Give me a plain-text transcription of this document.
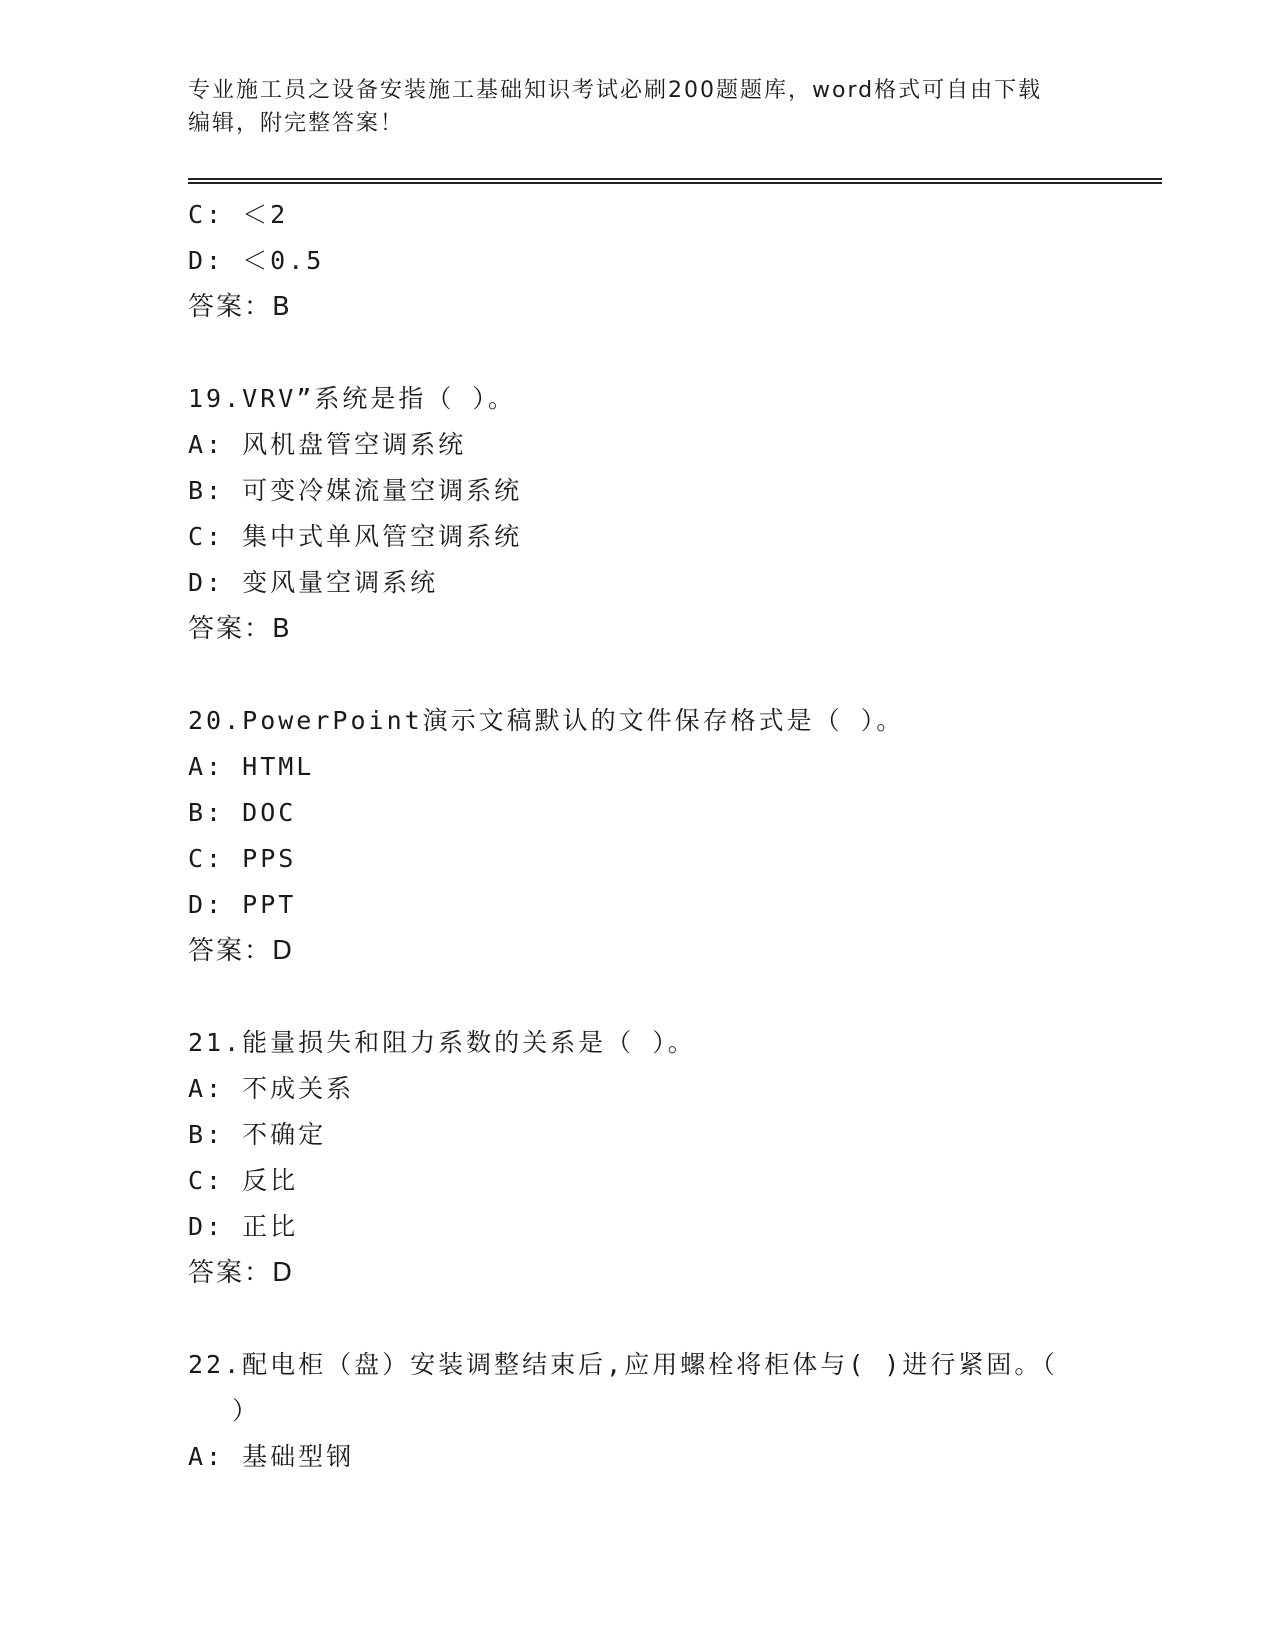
专业施工员之设备安装施工基础知识考试必刷200题题库，word格式可自由下载
编辑，附完整答案！
C: ＜2
D: ＜0.5
答案：B
19.VRV”系统是指（ ）。
A: 风机盘管空调系统
B: 可变冷媒流量空调系统
C: 集中式单风管空调系统
D: 变风量空调系统
答案：B
20.PowerPoint演示文稿默认的文件保存格式是（ ）。
A: HTML
B: DOC
C: PPS
D: PPT
答案：D
21.能量损失和阻力系数的关系是（ ）。
A: 不成关系
B: 不确定
C: 反比
D: 正比
答案：D
22.配电柜（盘）安装调整结束后,应用螺栓将柜体与( )进行紧固。（
）
A: 基础型钢
